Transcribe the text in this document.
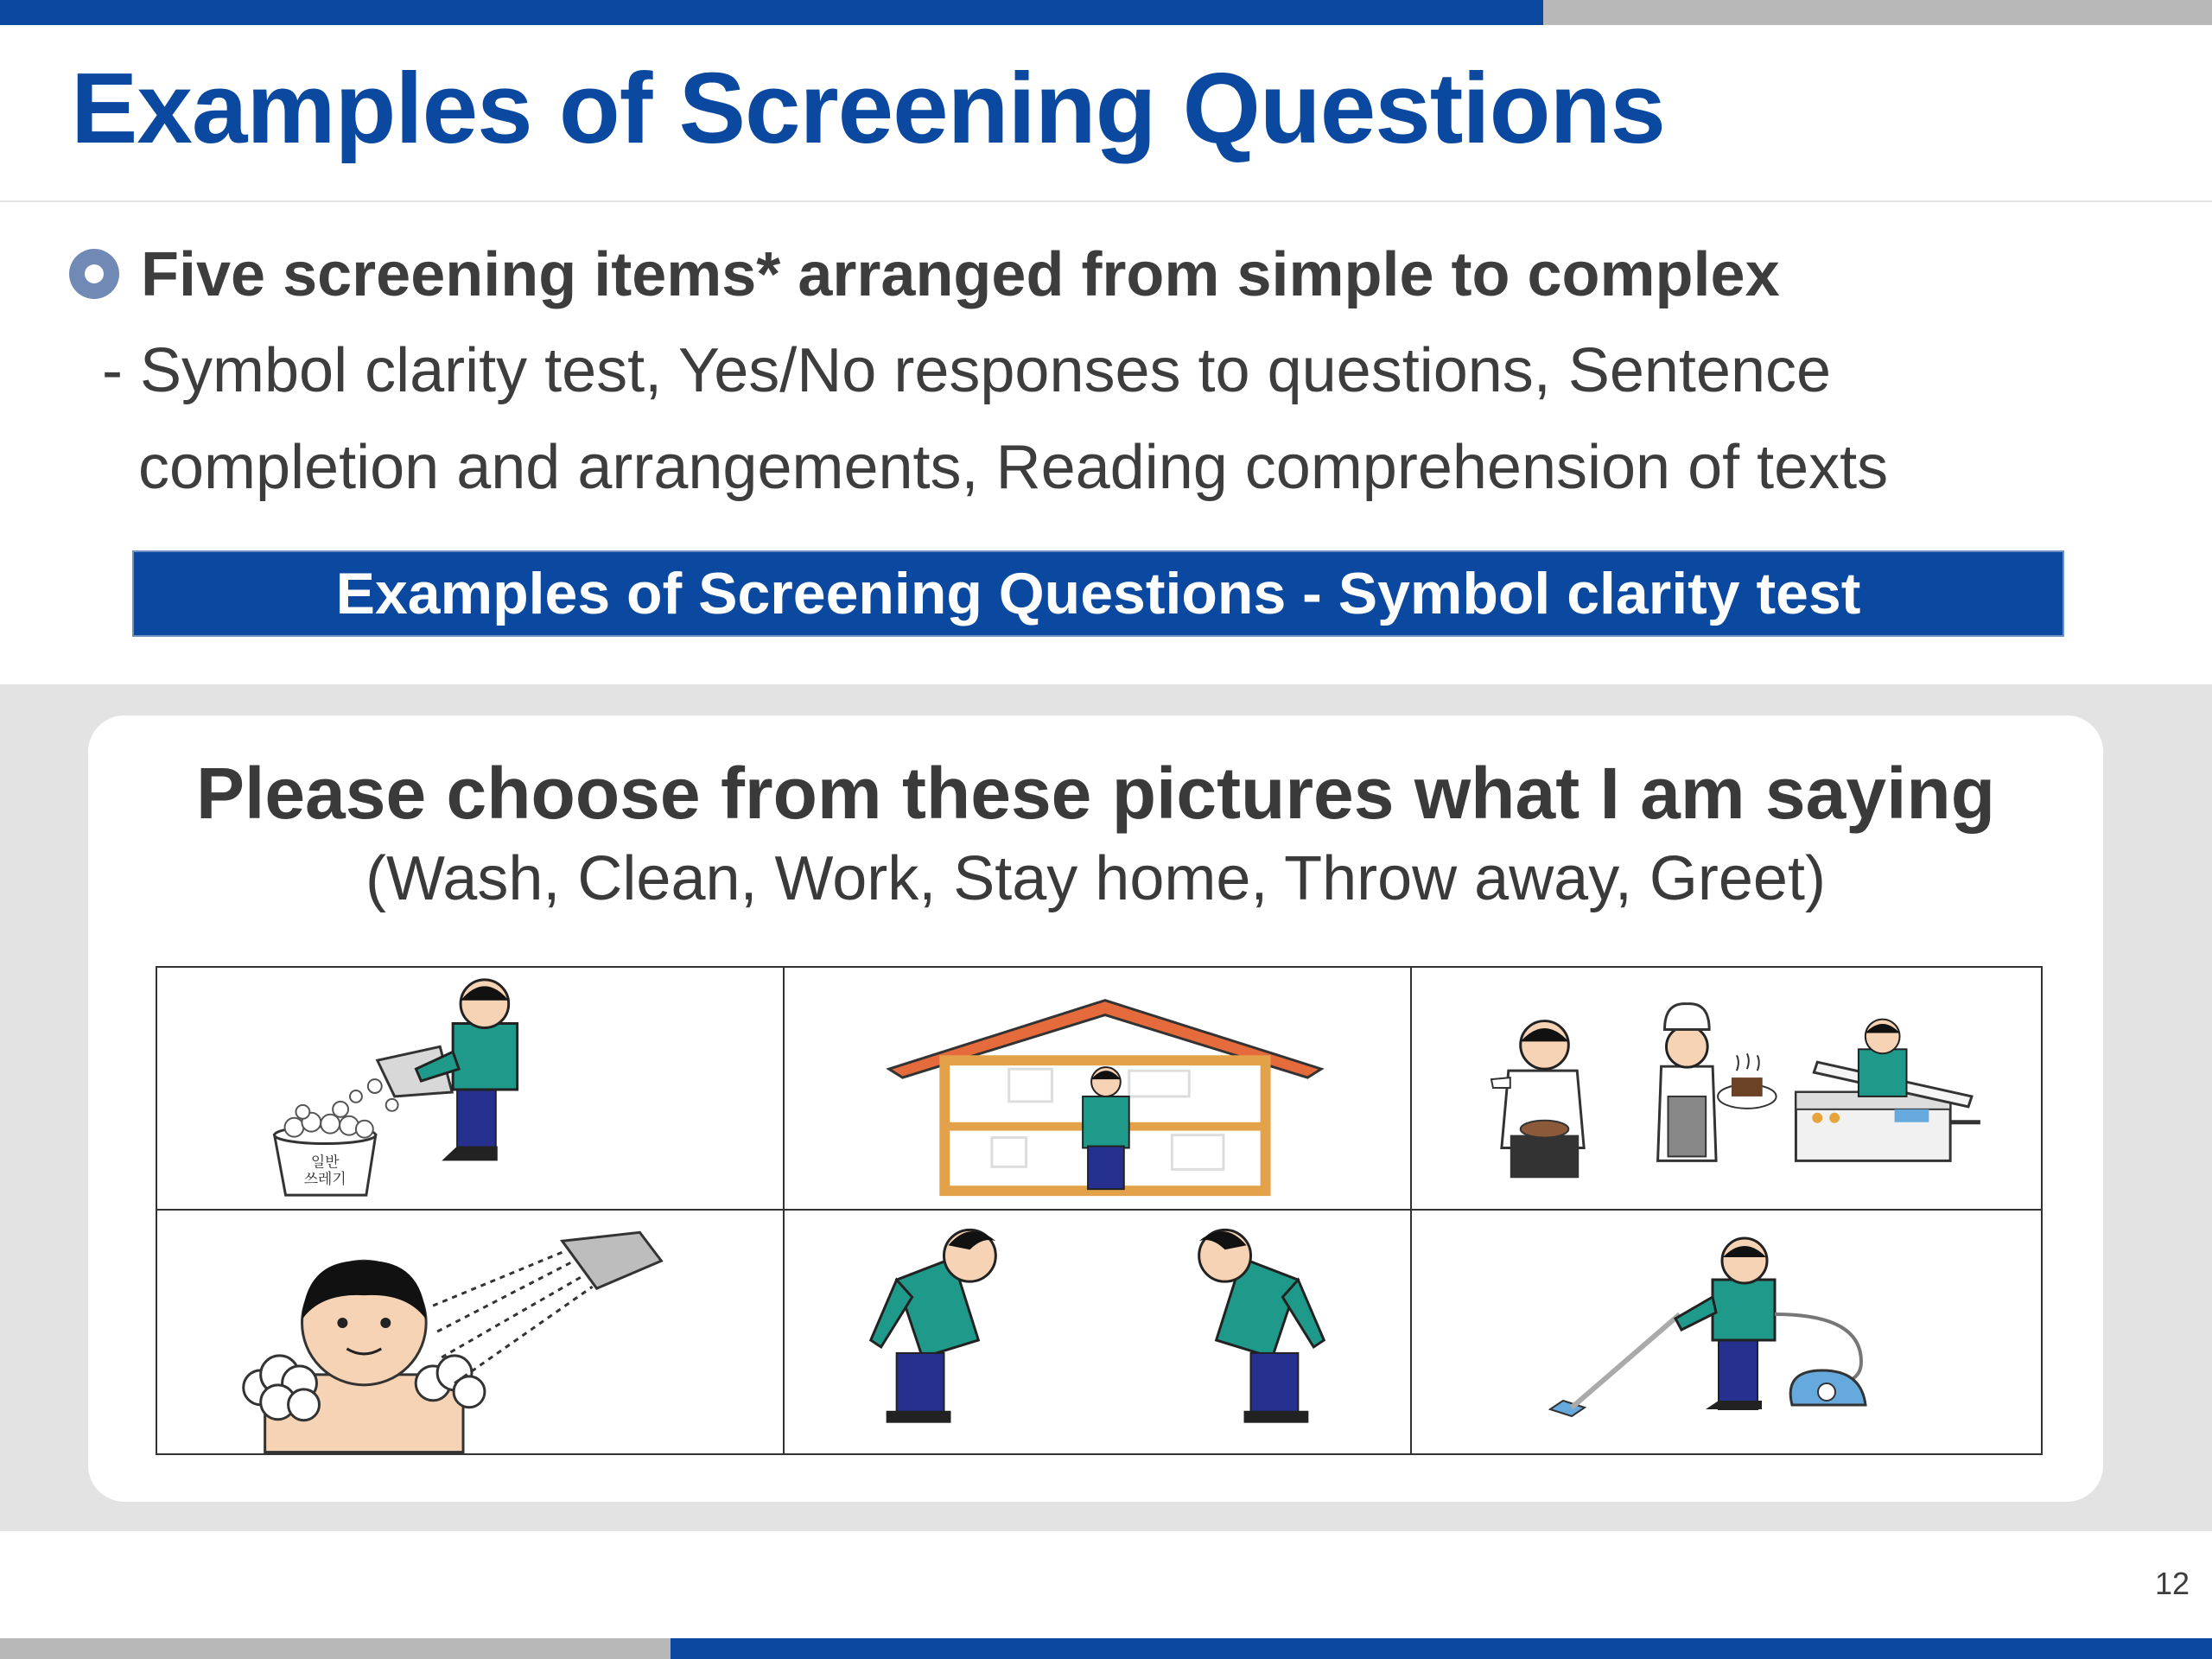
Examples of Screening Questions
Five screening items* arranged from simple to complex
- Symbol clarity test, Yes/No responses to questions, Sentence
completion and arrangements, Reading comprehension of texts
Examples of Screening Questions - Symbol clarity test
Please choose from these pictures what I am saying
(Wash, Clean, Work, Stay home, Throw away, Greet)
일반
쓰레기
12
